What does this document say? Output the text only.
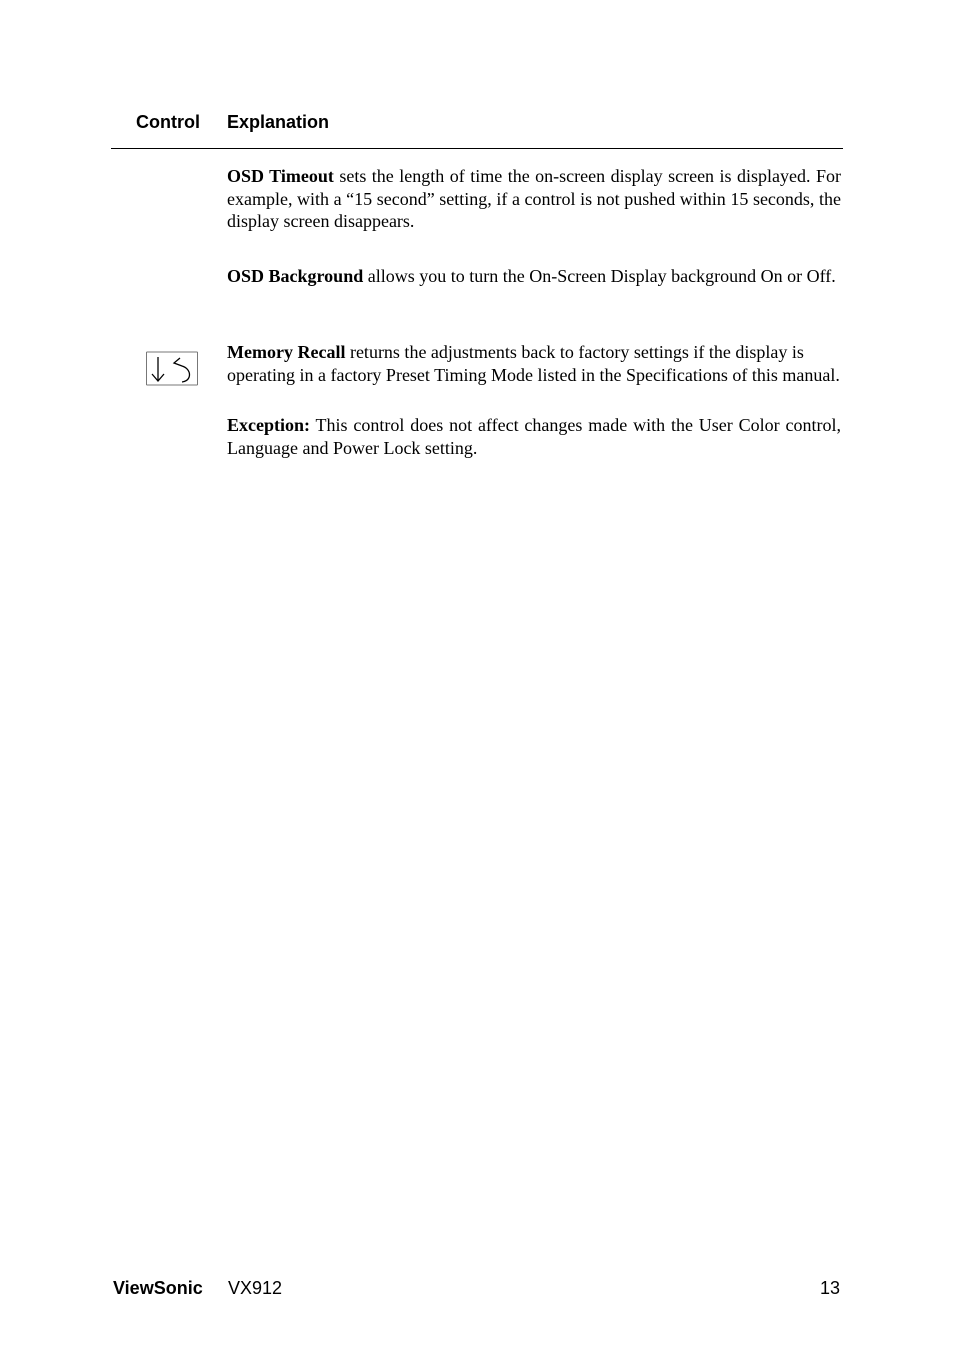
Control Explanation

OSD Timeout sets the length of time the on-screen display screen is displayed. For example, with a “15 second” setting, if a control is not pushed within 15 seconds, the display screen disappears.

OSD Background allows you to turn the On-Screen Display background On or Off.

Memory Recall returns the adjustments back to factory settings if the display is operating in a factory Preset Timing Mode listed in the Specifications of this manual.

Exception: This control does not affect changes made with the User Color control, Language and Power Lock setting.

ViewSonic VX912	13
